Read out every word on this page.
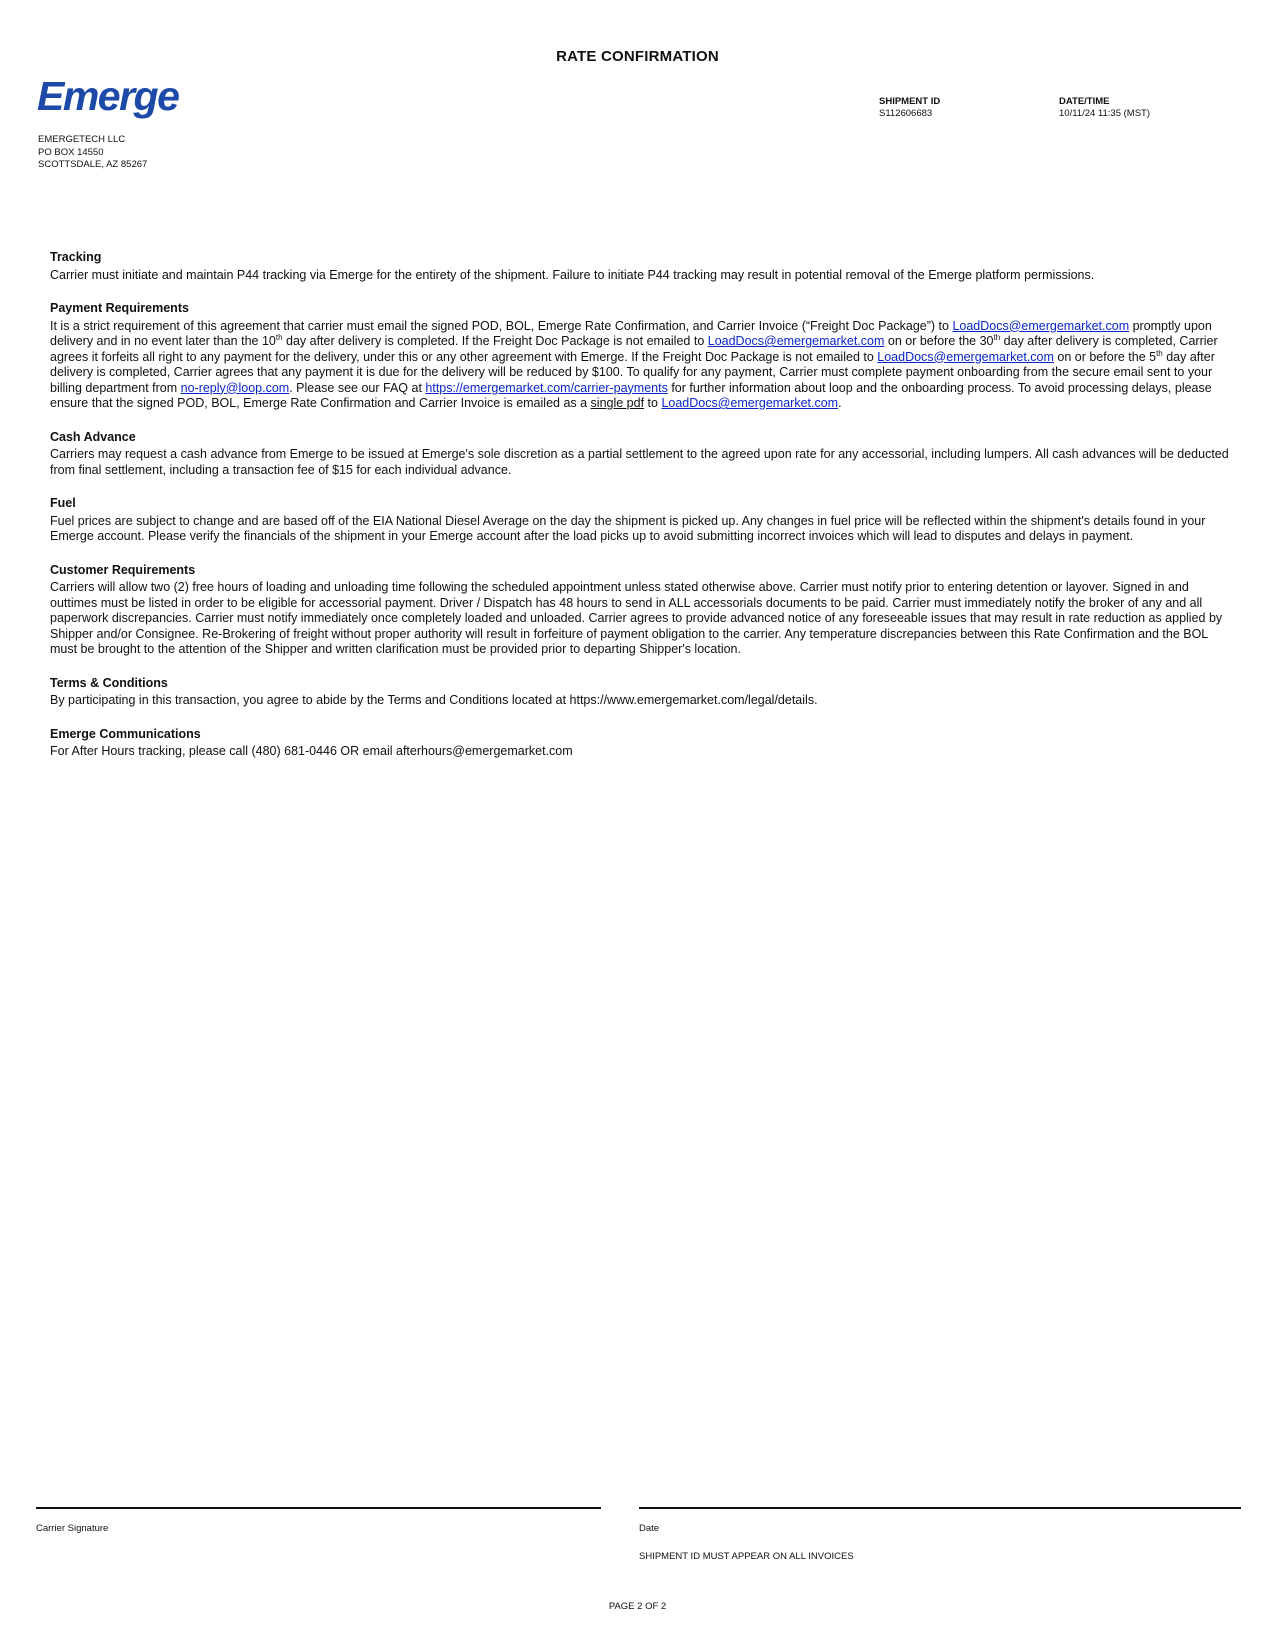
RATE CONFIRMATION
Emerge
EMERGETECH LLC
PO BOX 14550
SCOTTSDALE, AZ 85267
SHIPMENT ID
S112606683
DATE/TIME
10/11/24 11:35 (MST)
Tracking

Carrier must initiate and maintain P44 tracking via Emerge for the entirety of the shipment. Failure to initiate P44 tracking may result in potential removal of the Emerge platform permissions.

Payment Requirements

It is a strict requirement of this agreement that carrier must email the signed POD, BOL, Emerge Rate Confirmation, and Carrier Invoice (“Freight Doc Package”) to LoadDocs@emergemarket.com promptly upon delivery and in no event later than the 10th day after delivery is completed. If the Freight Doc Package is not emailed to LoadDocs@emergemarket.com on or before the 30th day after delivery is completed, Carrier agrees it forfeits all right to any payment for the delivery, under this or any other agreement with Emerge. If the Freight Doc Package is not emailed to LoadDocs@emergemarket.com on or before the 5th day after delivery is completed, Carrier agrees that any payment it is due for the delivery will be reduced by $100. To qualify for any payment, Carrier must complete payment onboarding from the secure email sent to your billing department from no-reply@loop.com. Please see our FAQ at https://emergemarket.com/carrier-payments for further information about loop and the onboarding process. To avoid processing delays, please ensure that the signed POD, BOL, Emerge Rate Confirmation and Carrier Invoice is emailed as a single pdf to LoadDocs@emergemarket.com.

Cash Advance

Carriers may request a cash advance from Emerge to be issued at Emerge's sole discretion as a partial settlement to the agreed upon rate for any accessorial, including lumpers. All cash advances will be deducted from final settlement, including a transaction fee of $15 for each individual advance.

Fuel

Fuel prices are subject to change and are based off of the EIA National Diesel Average on the day the shipment is picked up. Any changes in fuel price will be reflected within the shipment's details found in your Emerge account. Please verify the financials of the shipment in your Emerge account after the load picks up to avoid submitting incorrect invoices which will lead to disputes and delays in payment.

Customer Requirements

Carriers will allow two (2) free hours of loading and unloading time following the scheduled appointment unless stated otherwise above. Carrier must notify prior to entering detention or layover. Signed in and outtimes must be listed in order to be eligible for accessorial payment. Driver / Dispatch has 48 hours to send in ALL accessorials documents to be paid. Carrier must immediately notify the broker of any and all paperwork discrepancies. Carrier must notify immediately once completely loaded and unloaded. Carrier agrees to provide advanced notice of any foreseeable issues that may result in rate reduction as applied by Shipper and/or Consignee. Re-Brokering of freight without proper authority will result in forfeiture of payment obligation to the carrier. Any temperature discrepancies between this Rate Confirmation and the BOL must be brought to the attention of the Shipper and written clarification must be provided prior to departing Shipper's location.

Terms & Conditions

By participating in this transaction, you agree to abide by the Terms and Conditions located at https://www.emergemarket.com/legal/details.

Emerge Communications

For After Hours tracking, please call (480) 681-0446 OR email afterhours@emergemarket.com

Carrier Signature	Date
SHIPMENT ID MUST APPEAR ON ALL INVOICES
PAGE 2 OF 2
